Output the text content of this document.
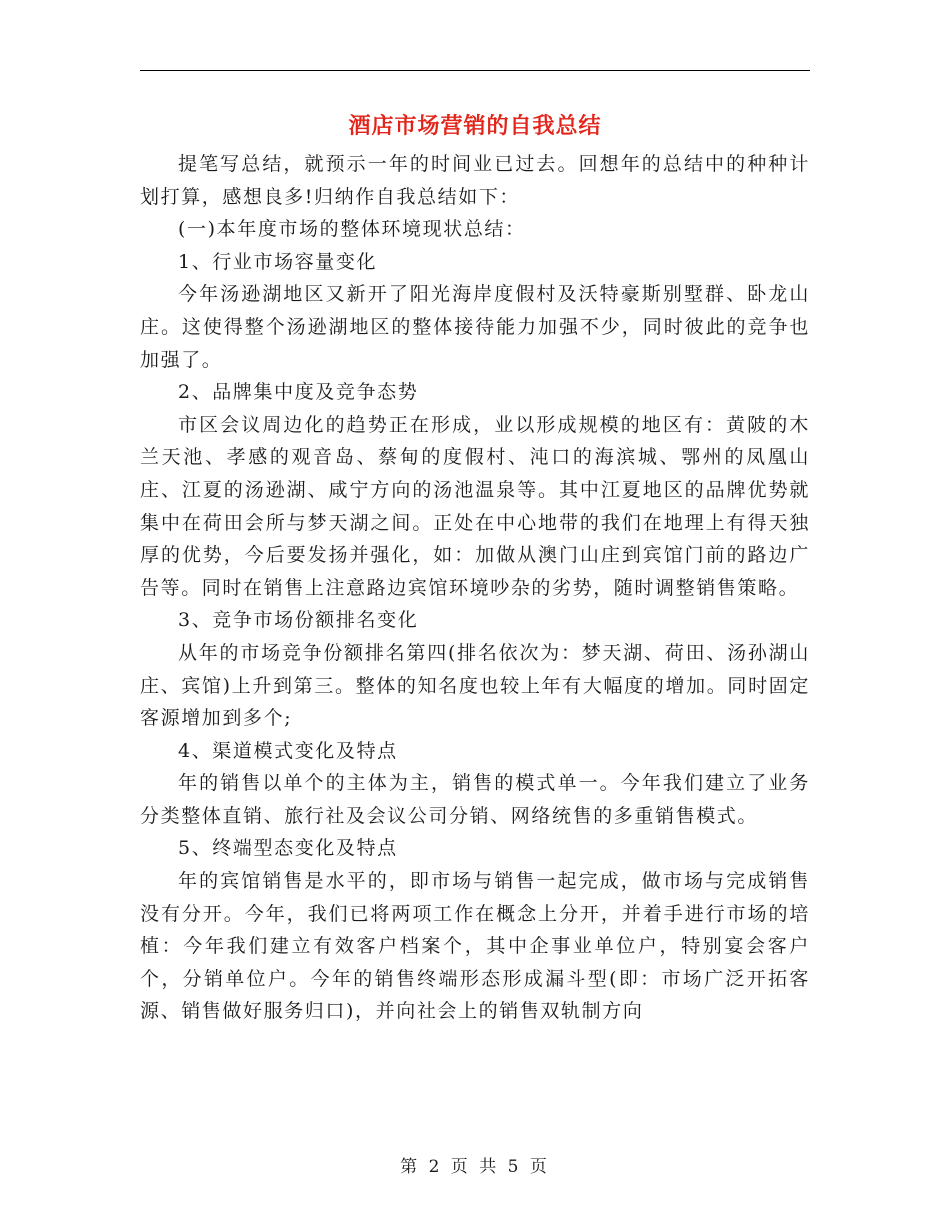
酒店市场营销的自我总结

提笔写总结，就预示一年的时间业已过去。回想年的总结中的种种计划打算，感想良多!归纳作自我总结如下：

(一)本年度市场的整体环境现状总结：

1、行业市场容量变化

今年汤逊湖地区又新开了阳光海岸度假村及沃特豪斯别墅群、卧龙山庄。这使得整个汤逊湖地区的整体接待能力加强不少，同时彼此的竞争也加强了。

2、品牌集中度及竞争态势

市区会议周边化的趋势正在形成，业以形成规模的地区有：黄陂的木兰天池、孝感的观音岛、蔡甸的度假村、沌口的海滨城、鄂州的凤凰山庄、江夏的汤逊湖、咸宁方向的汤池温泉等。其中江夏地区的品牌优势就集中在荷田会所与梦天湖之间。正处在中心地带的我们在地理上有得天独厚的优势，今后要发扬并强化，如：加做从澳门山庄到宾馆门前的路边广告等。同时在销售上注意路边宾馆环境吵杂的劣势，随时调整销售策略。

3、竞争市场份额排名变化

从年的市场竞争份额排名第四(排名依次为：梦天湖、荷田、汤孙湖山庄、宾馆)上升到第三。整体的知名度也较上年有大幅度的增加。同时固定客源增加到多个;

4、渠道模式变化及特点

年的销售以单个的主体为主，销售的模式单一。今年我们建立了业务分类整体直销、旅行社及会议公司分销、网络统售的多重销售模式。

5、终端型态变化及特点

年的宾馆销售是水平的，即市场与销售一起完成，做市场与完成销售没有分开。今年，我们已将两项工作在概念上分开，并着手进行市场的培植：今年我们建立有效客户档案个，其中企事业单位户，特别宴会客户个，分销单位户。今年的销售终端形态形成漏斗型(即：市场广泛开拓客源、销售做好服务归口)，并向社会上的销售双轨制方向

第 2 页 共 5 页
